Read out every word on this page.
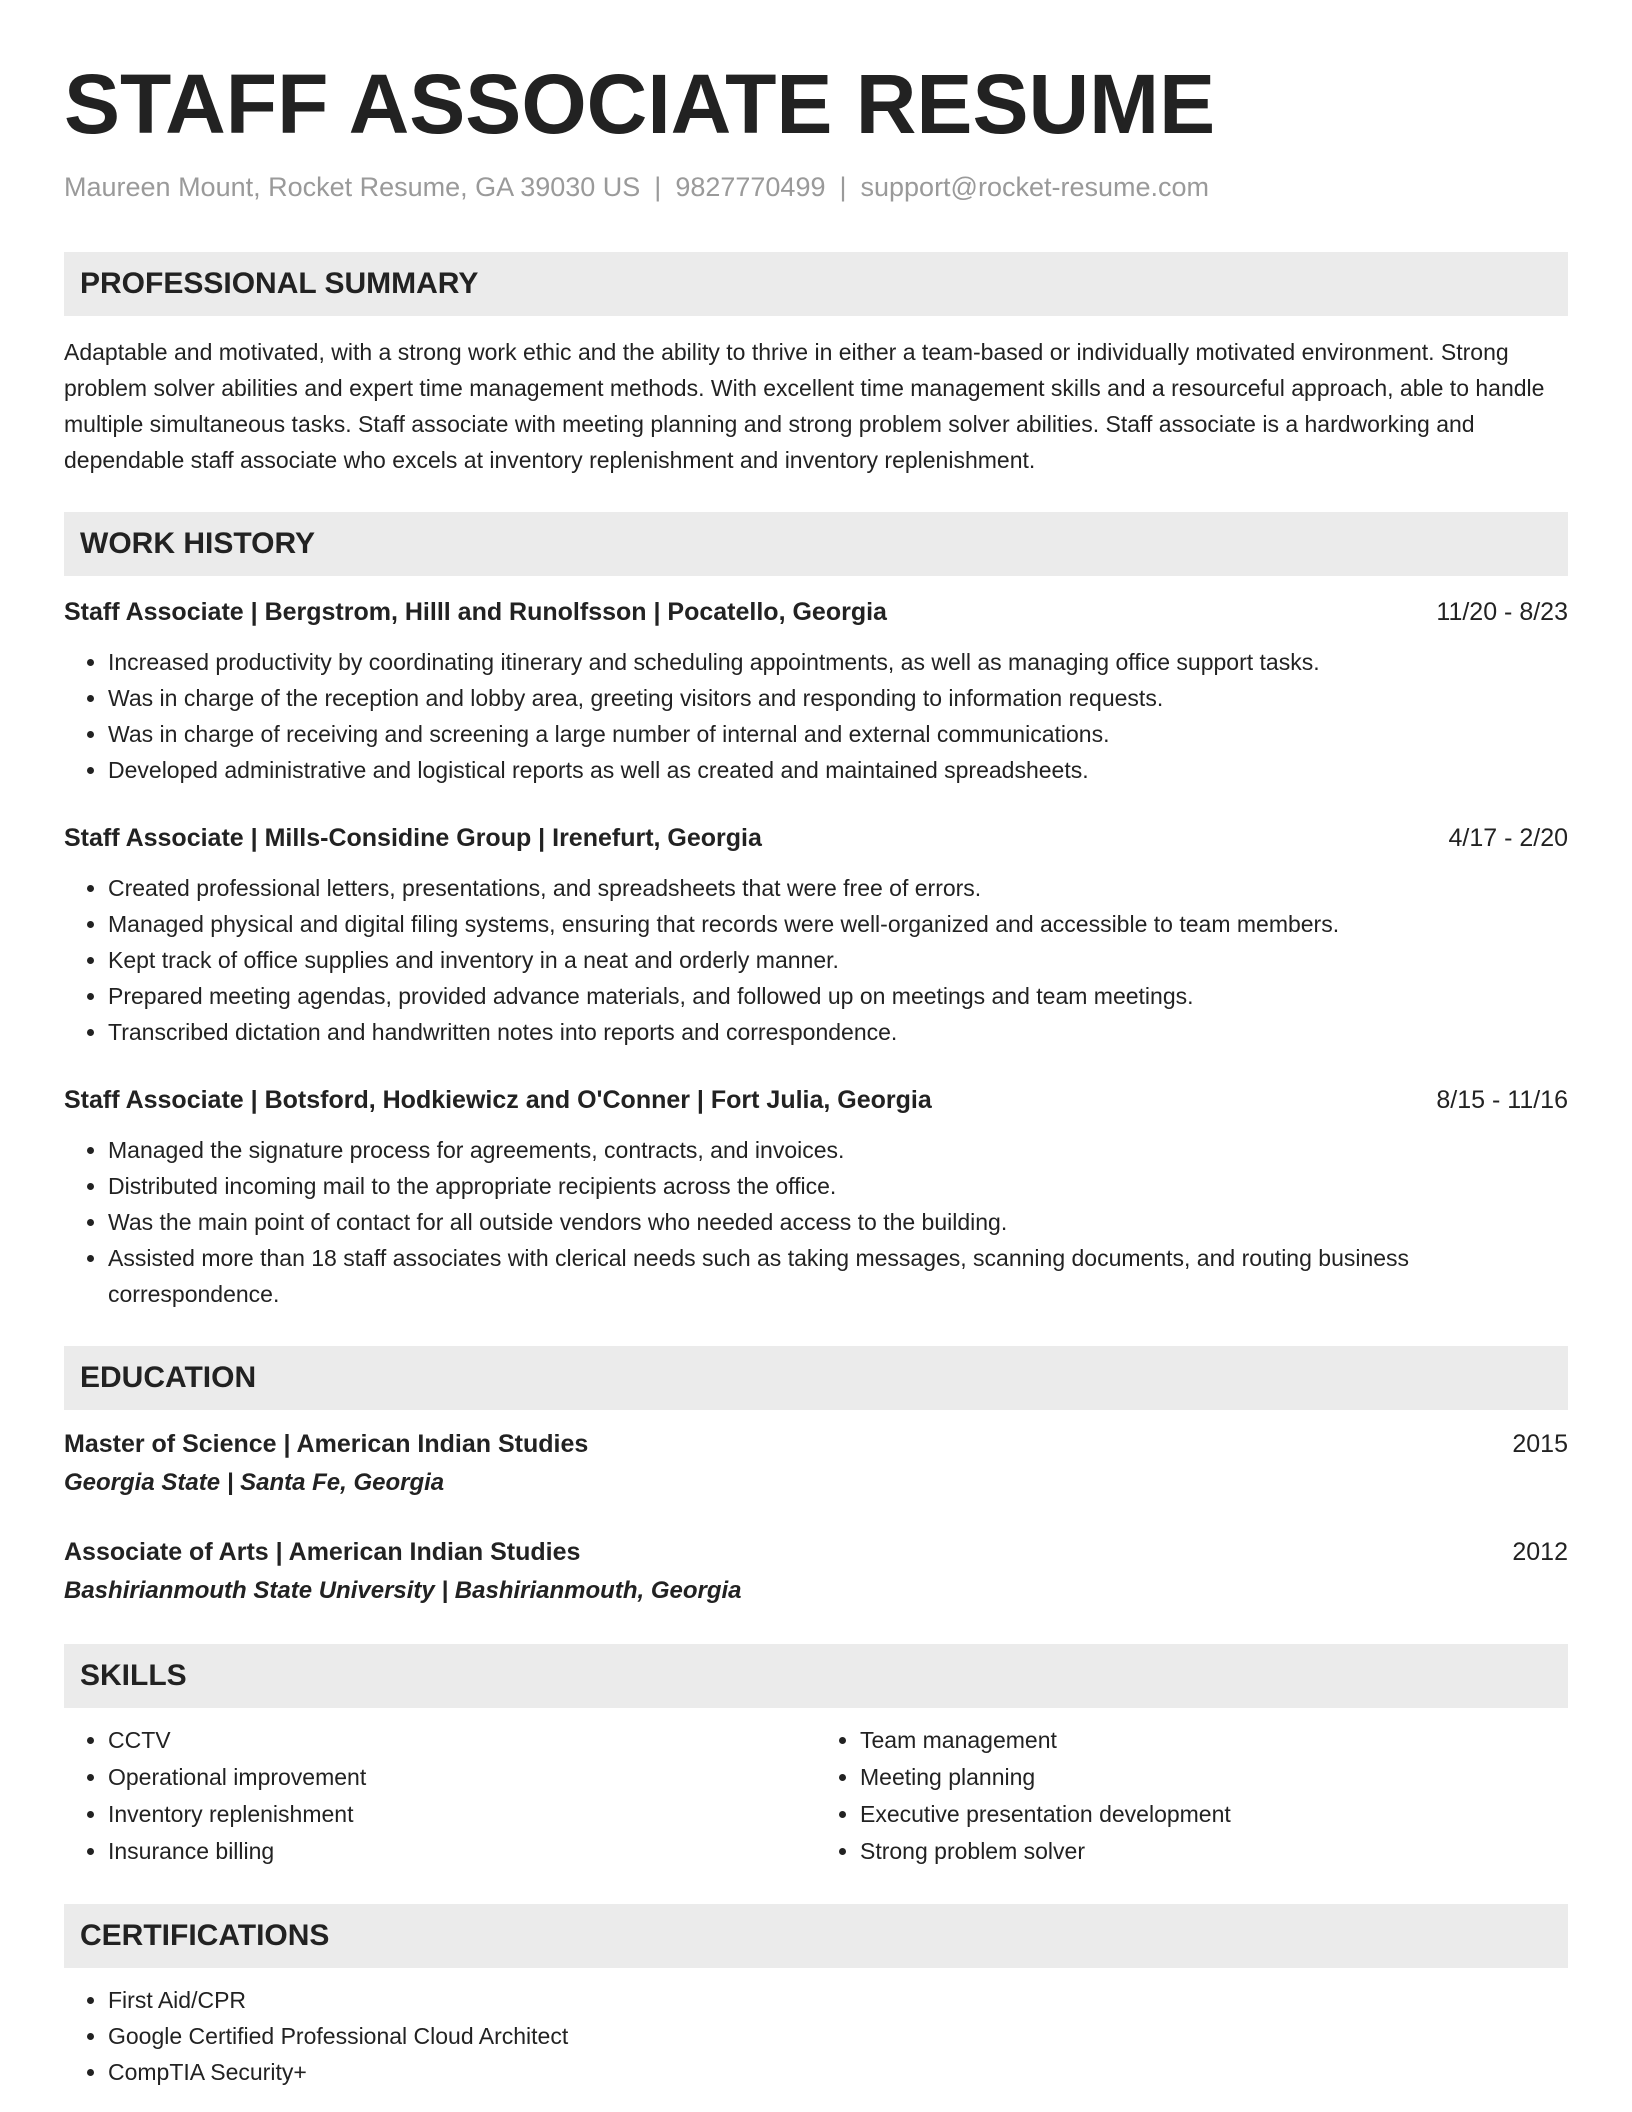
STAFF ASSOCIATE RESUME
Maureen Mount, Rocket Resume, GA 39030 US | 9827770499 | support@rocket-resume.com
PROFESSIONAL SUMMARY
Adaptable and motivated, with a strong work ethic and the ability to thrive in either a team-based or individually motivated environment. Strong problem solver abilities and expert time management methods. With excellent time management skills and a resourceful approach, able to handle multiple simultaneous tasks. Staff associate with meeting planning and strong problem solver abilities. Staff associate is a hardworking and dependable staff associate who excels at inventory replenishment and inventory replenishment.
WORK HISTORY
Staff Associate | Bergstrom, Hilll and Runolfsson | Pocatello, Georgia	11/20 - 8/23
• Increased productivity by coordinating itinerary and scheduling appointments, as well as managing office support tasks.
• Was in charge of the reception and lobby area, greeting visitors and responding to information requests.
• Was in charge of receiving and screening a large number of internal and external communications.
• Developed administrative and logistical reports as well as created and maintained spreadsheets.
Staff Associate | Mills-Considine Group | Irenefurt, Georgia	4/17 - 2/20
• Created professional letters, presentations, and spreadsheets that were free of errors.
• Managed physical and digital filing systems, ensuring that records were well-organized and accessible to team members.
• Kept track of office supplies and inventory in a neat and orderly manner.
• Prepared meeting agendas, provided advance materials, and followed up on meetings and team meetings.
• Transcribed dictation and handwritten notes into reports and correspondence.
Staff Associate | Botsford, Hodkiewicz and O'Conner | Fort Julia, Georgia	8/15 - 11/16
• Managed the signature process for agreements, contracts, and invoices.
• Distributed incoming mail to the appropriate recipients across the office.
• Was the main point of contact for all outside vendors who needed access to the building.
• Assisted more than 18 staff associates with clerical needs such as taking messages, scanning documents, and routing business correspondence.
EDUCATION
Master of Science | American Indian Studies	2015
Georgia State | Santa Fe, Georgia
Associate of Arts | American Indian Studies	2012
Bashirianmouth State University | Bashirianmouth, Georgia
SKILLS
• CCTV
• Operational improvement
• Inventory replenishment
• Insurance billing
• Team management
• Meeting planning
• Executive presentation development
• Strong problem solver
CERTIFICATIONS
• First Aid/CPR
• Google Certified Professional Cloud Architect
• CompTIA Security+
